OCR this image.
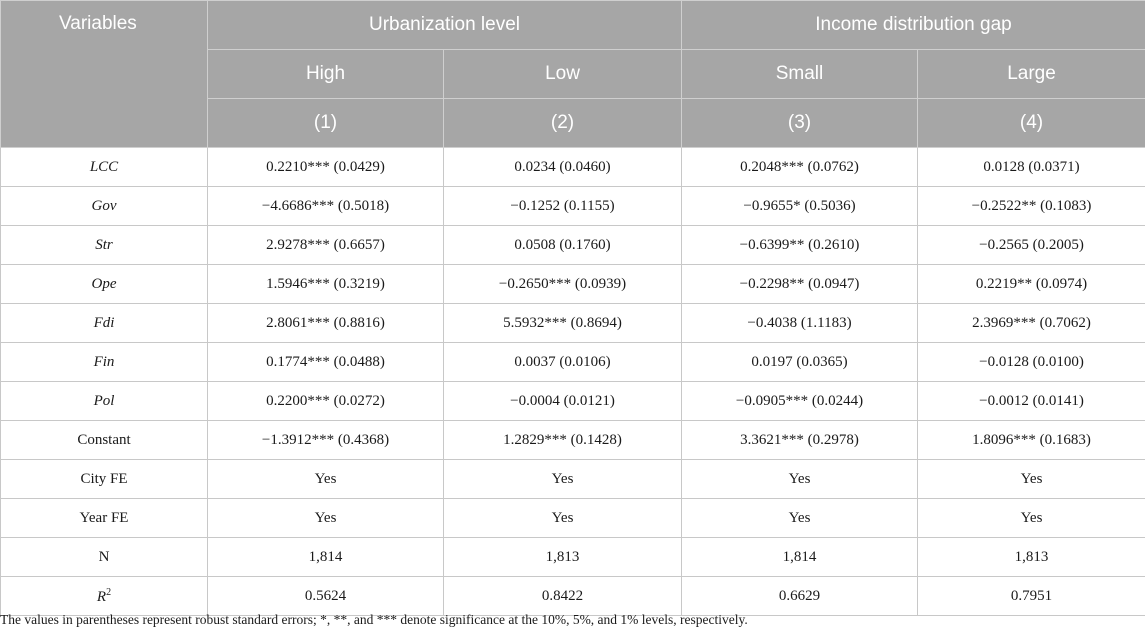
Variables	Urbanization level		Income distribution gap	
	High	Low	Small	Large
	(1)	(2)	(3)	(4)
LCC	0.2210*** (0.0429)	0.0234 (0.0460)	0.2048*** (0.0762)	0.0128 (0.0371)
Gov	−4.6686*** (0.5018)	−0.1252 (0.1155)	−0.9655* (0.5036)	−0.2522** (0.1083)
Str	2.9278*** (0.6657)	0.0508 (0.1760)	−0.6399** (0.2610)	−0.2565 (0.2005)
Ope	1.5946*** (0.3219)	−0.2650*** (0.0939)	−0.2298** (0.0947)	0.2219** (0.0974)
Fdi	2.8061*** (0.8816)	5.5932*** (0.8694)	−0.4038 (1.1183)	2.3969*** (0.7062)
Fin	0.1774*** (0.0488)	0.0037 (0.0106)	0.0197 (0.0365)	−0.0128 (0.0100)
Pol	0.2200*** (0.0272)	−0.0004 (0.0121)	−0.0905*** (0.0244)	−0.0012 (0.0141)
Constant	−1.3912*** (0.4368)	1.2829*** (0.1428)	3.3621*** (0.2978)	1.8096*** (0.1683)
City FE	Yes	Yes	Yes	Yes
Year FE	Yes	Yes	Yes	Yes
N	1,814	1,813	1,814	1,813
$R^2$	0.5624	0.8422	0.6629	0.7951
The values in parentheses represent robust standard errors; *, **, and *** denote significance at the 10%, 5%, and 1% levels, respectively.
